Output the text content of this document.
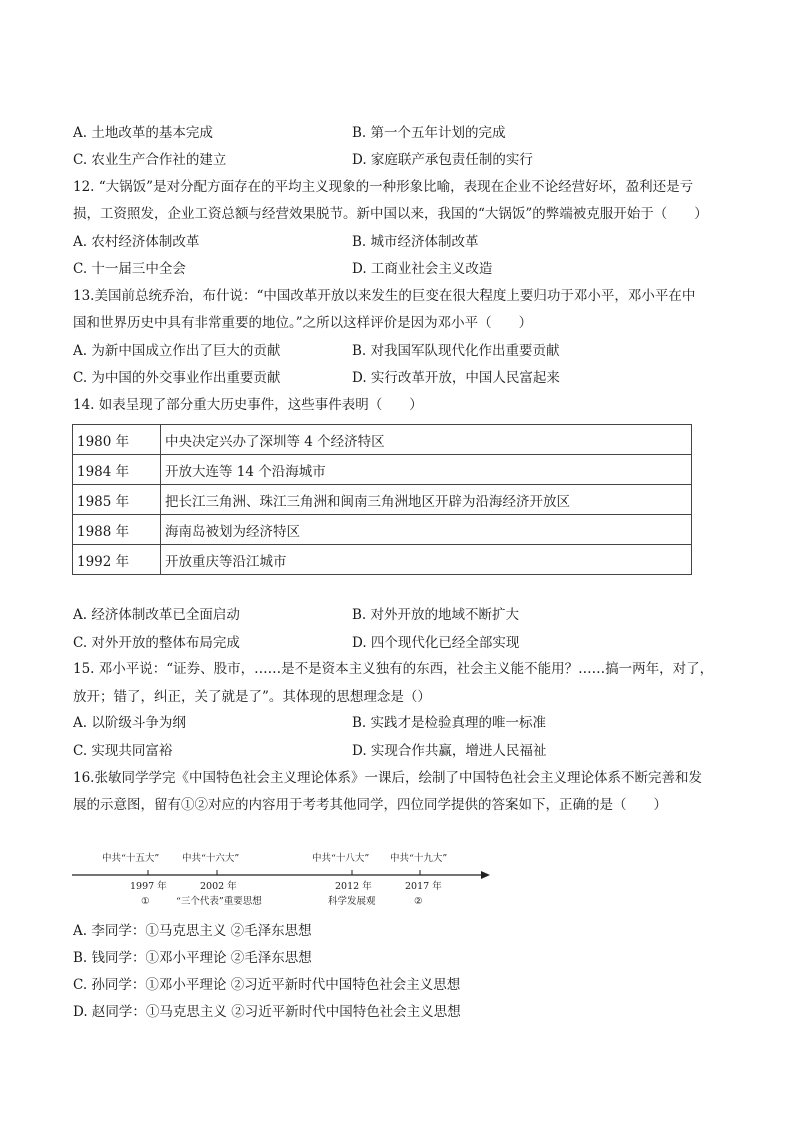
A. 土地改革的基本完成	B. 第一个五年计划的完成
C. 农业生产合作社的建立	D. 家庭联产承包责任制的实行
12. “大锅饭”是对分配方面存在的平均主义现象的一种形象比喻，表现在企业不论经营好坏，盈利还是亏
损，工资照发，企业工资总额与经营效果脱节。新中国以来，我国的“大锅饭”的弊端被克服开始于（　　）
A. 农村经济体制改革	B. 城市经济体制改革
C. 十一届三中全会	D. 工商业社会主义改造
13.美国前总统乔治，布什说：“中国改革开放以来发生的巨变在很大程度上要归功于邓小平，邓小平在中
国和世界历史中具有非常重要的地位。”之所以这样评价是因为邓小平（　　）
A. 为新中国成立作出了巨大的贡献	B. 对我国军队现代化作出重要贡献
C. 为中国的外交事业作出重要贡献	D. 实行改革开放，中国人民富起来
14. 如表呈现了部分重大历史事件，这些事件表明（　　）
1980 年	中央决定兴办了深圳等 4 个经济特区
1984 年	开放大连等 14 个沿海城市
1985 年	把长江三角洲、珠江三角洲和闽南三角洲地区开辟为沿海经济开放区
1988 年	海南岛被划为经济特区
1992 年	开放重庆等沿江城市
A. 经济体制改革已全面启动	B. 对外开放的地域不断扩大
C. 对外开放的整体布局完成	D. 四个现代化已经全部实现
15. 邓小平说：“证券、股市，……是不是资本主义独有的东西，社会主义能不能用？……搞一两年，对了，
放开；错了，纠正，关了就是了”。其体现的思想理念是（）
A. 以阶级斗争为纲	B. 实践才是检验真理的唯一标准
C. 实现共同富裕	D. 实现合作共赢，增进人民福祉
16.张敏同学学完《中国特色社会主义理论体系》一课后，绘制了中国特色社会主义理论体系不断完善和发
展的示意图，留有①②对应的内容用于考考其他同学，四位同学提供的答案如下，正确的是（　　）
中共“十五大” 中共“十六大”	中共“十八大” 中共“十九大”
1997 年	2002 年	2012 年	2017 年
①	“三个代表”重要思想	科学发展观	②
A. 李同学：①马克思主义 ②毛泽东思想
B. 钱同学：①邓小平理论 ②毛泽东思想
C. 孙同学：①邓小平理论 ②习近平新时代中国特色社会主义思想
D. 赵同学：①马克思主义 ②习近平新时代中国特色社会主义思想
